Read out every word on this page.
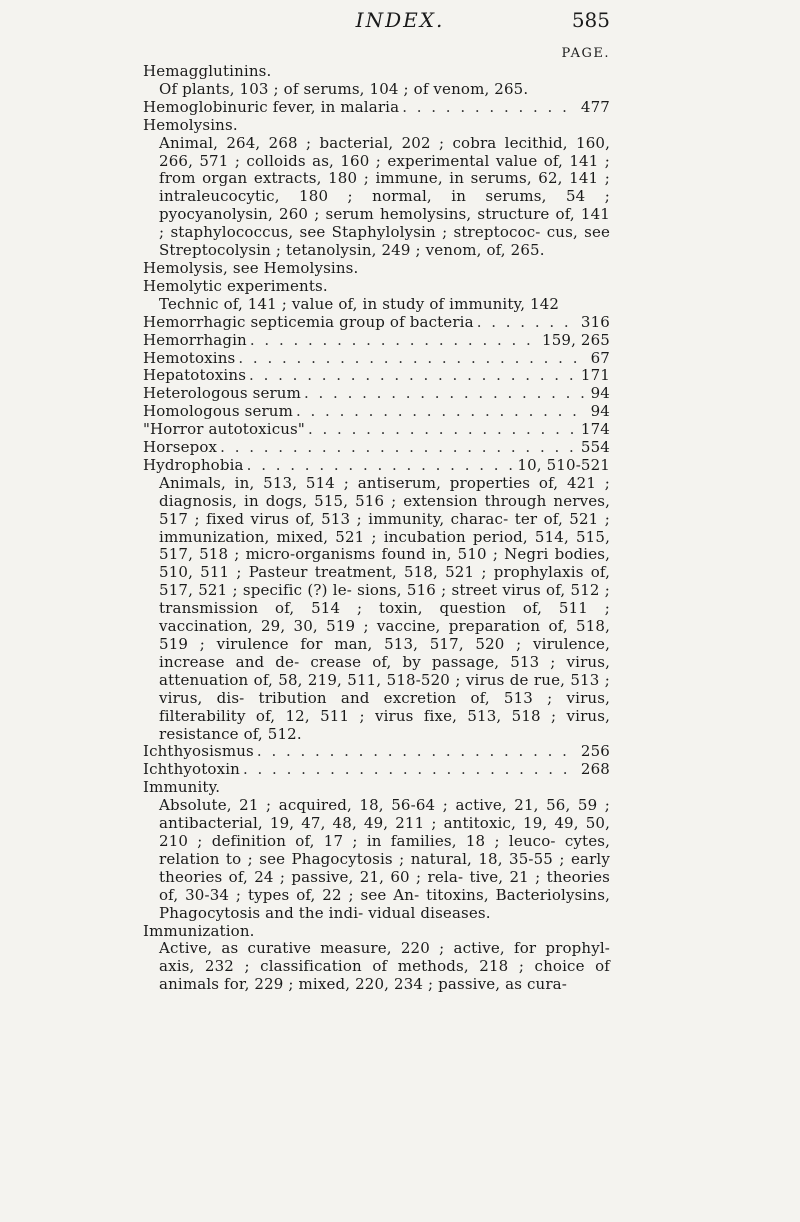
INDEX.	585
PAGE.
Hemagglutinins.
Of plants, 103 ; of serums, 104 ; of venom, 265.
Hemoglobinuric fever, in malaria . . .	477
Hemolysins.
Animal, 264, 268 ; bacterial, 202 ; cobra lecithid, 160, 266, 571 ; colloids as, 160 ; experimental value of, 141 ; from organ extracts, 180 ; immune, in serums, 62, 141 ; intraleucocytic, 180 ; normal, in serums, 54 ; pyocyanolysin, 260 ; serum hemolysins, structure of, 141 ; staphylococcus, see Staphylolysin ; streptococ- cus, see Streptocolysin ; tetanolysin, 249 ; venom, of, 265.
Hemolysis, see Hemolysins.
Hemolytic experiments.
Technic of, 141 ; value of, in study of immunity, 142
Hemorrhagic septicemia group of bacteria . . .	316
Hemorrhagin . . .	159, 265
Hemotoxins . . .	67
Hepatotoxins . . .	171
Heterologous serum . . .	94
Homologous serum . . .	94
"Horror autotoxicus" . . .	174
Horsepox . . .	554
Hydrophobia . . .	10, 510-521
Animals, in, 513, 514 ; antiserum, properties of, 421 ; diagnosis, in dogs, 515, 516 ; extension through nerves, 517 ; fixed virus of, 513 ; immunity, charac- ter of, 521 ; immunization, mixed, 521 ; incubation period, 514, 515, 517, 518 ; micro-organisms found in, 510 ; Negri bodies, 510, 511 ; Pasteur treatment, 518, 521 ; prophylaxis of, 517, 521 ; specific (?) le- sions, 516 ; street virus of, 512 ; transmission of, 514 ; toxin, question of, 511 ; vaccination, 29, 30, 519 ; vaccine, preparation of, 518, 519 ; virulence for man, 513, 517, 520 ; virulence, increase and de- crease of, by passage, 513 ; virus, attenuation of, 58, 219, 511, 518-520 ; virus de rue, 513 ; virus, dis- tribution and excretion of, 513 ; virus, filterability of, 12, 511 ; virus fixe, 513, 518 ; virus, resistance of, 512.
Ichthyosismus . . .	256
Ichthyotoxin . . .	268
Immunity.
Absolute, 21 ; acquired, 18, 56-64 ; active, 21, 56, 59 ; antibacterial, 19, 47, 48, 49, 211 ; antitoxic, 19, 49, 50, 210 ; definition of, 17 ; in families, 18 ; leuco- cytes, relation to ; see Phagocytosis ; natural, 18, 35-55 ; early theories of, 24 ; passive, 21, 60 ; rela- tive, 21 ; theories of, 30-34 ; types of, 22 ; see An- titoxins, Bacteriolysins, Phagocytosis and the indi- vidual diseases.
Immunization.
Active, as curative measure, 220 ; active, for prophyl- axis, 232 ; classification of methods, 218 ; choice of animals for, 229 ; mixed, 220, 234 ; passive, as cura-
